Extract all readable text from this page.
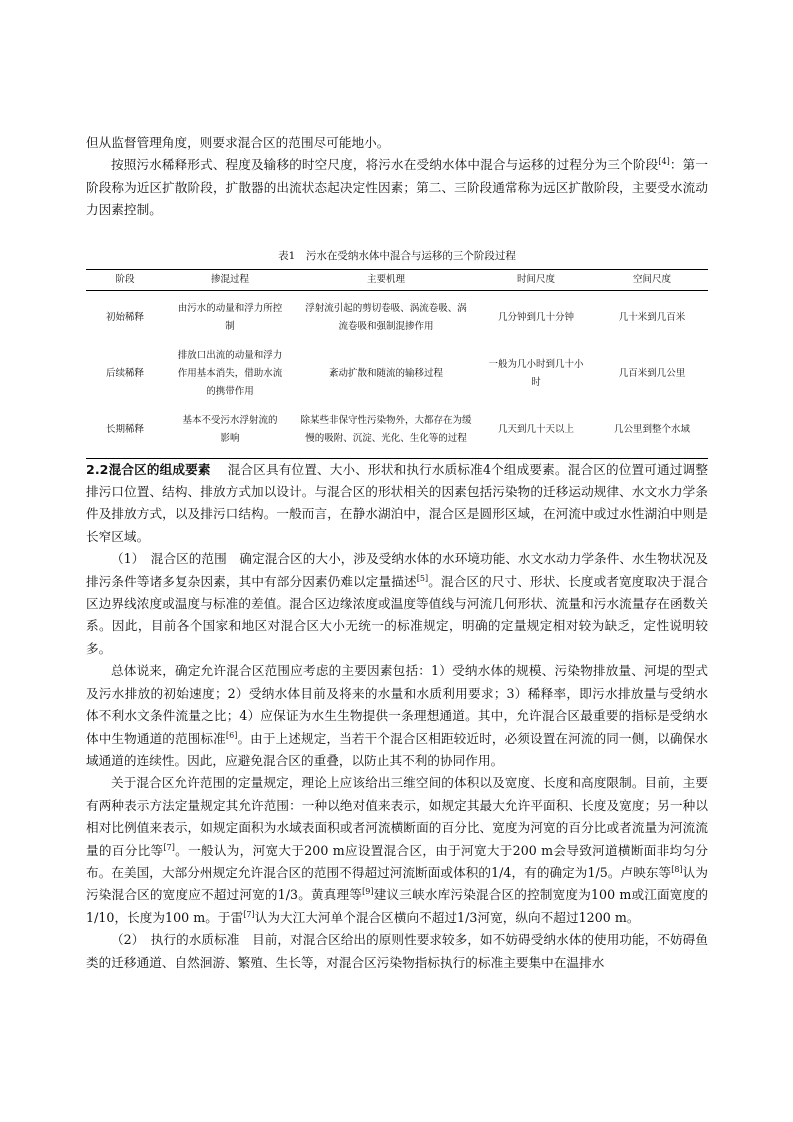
但从监督管理角度，则要求混合区的范围尽可能地小。

按照污水稀释形式、程度及输移的时空尺度，将污水在受纳水体中混合与运移的过程分为三个阶段[4]：第一阶段称为近区扩散阶段，扩散器的出流状态起决定性因素；第二、三阶段通常称为远区扩散阶段，主要受水流动力因素控制。

表1　污水在受纳水体中混合与运移的三个阶段过程
阶段	掺混过程	主要机理	时间尺度	空间尺度
初始稀释	由污水的动量和浮力所控制	浮射流引起的剪切卷吸、涡流卷吸、涡流卷吸和强制混掺作用	几分钟到几十分钟	几十米到几百米
后续稀释	排放口出流的动量和浮力作用基本消失，借助水流的携带作用	紊动扩散和随流的输移过程	一般为几小时到几十小时	几百米到几公里
长期稀释	基本不受污水浮射流的影响	除某些非保守性污染物外，大都存在为缓慢的吸附、沉淀、光化、生化等的过程	几天到几十天以上	几公里到整个水域

2.2混合区的组成要素　 混合区具有位置、大小、形状和执行水质标准4个组成要素。混合区的位置可通过调整排污口位置、结构、排放方式加以设计。与混合区的形状相关的因素包括污染物的迁移运动规律、水文水力学条件及排放方式，以及排污口结构。一般而言，在静水湖泊中，混合区是圆形区域，在河流中或过水性湖泊中则是长窄区域。

（1）　混合区的范围　确定混合区的大小，涉及受纳水体的水环境功能、水文水动力学条件、水生物状况及排污条件等诸多复杂因素，其中有部分因素仍难以定量描述[5]。混合区的尺寸、形状、长度或者宽度取决于混合区边界线浓度或温度与标准的差值。混合区边缘浓度或温度等值线与河流几何形状、流量和污水流量存在函数关系。因此，目前各个国家和地区对混合区大小无统一的标准规定，明确的定量规定相对较为缺乏，定性说明较多。

总体说来，确定允许混合区范围应考虑的主要因素包括：1）受纳水体的规模、污染物排放量、河堤的型式及污水排放的初始速度；2）受纳水体目前及将来的水量和水质利用要求；3）稀释率，即污水排放量与受纳水体不利水文条件流量之比；4）应保证为水生生物提供一条理想通道。其中，允许混合区最重要的指标是受纳水体中生物通道的范围标准[6]。由于上述规定，当若干个混合区相距较近时，必须设置在河流的同一侧，以确保水域通道的连续性。因此，应避免混合区的重叠，以防止其不利的协同作用。

关于混合区允许范围的定量规定，理论上应该给出三维空间的体积以及宽度、长度和高度限制。目前，主要有两种表示方法定量规定其允许范围：一种以绝对值来表示，如规定其最大允许平面积、长度及宽度；另一种以相对比例值来表示，如规定面积为水域表面积或者河流横断面的百分比、宽度为河宽的百分比或者流量为河流流量的百分比等[7]。一般认为，河宽大于200 m应设置混合区，由于河宽大于200 m会导致河道横断面非均匀分布。在美国，大部分州规定允许混合区的范围不得超过河流断面或体积的1/4，有的确定为1/5。卢映东等[8]认为污染混合区的宽度应不超过河宽的1/3。黄真理等[9]建议三峡水库污染混合区的控制宽度为100 m或江面宽度的1/10，长度为100 m。于雷[7]认为大江大河单个混合区横向不超过1/3河宽，纵向不超过1200 m。

（2）　执行的水质标准　目前，对混合区给出的原则性要求较多，如不妨碍受纳水体的使用功能，不妨碍鱼类的迁移通道、自然洄游、繁殖、生长等，对混合区污染物指标执行的标准主要集中在温排水
